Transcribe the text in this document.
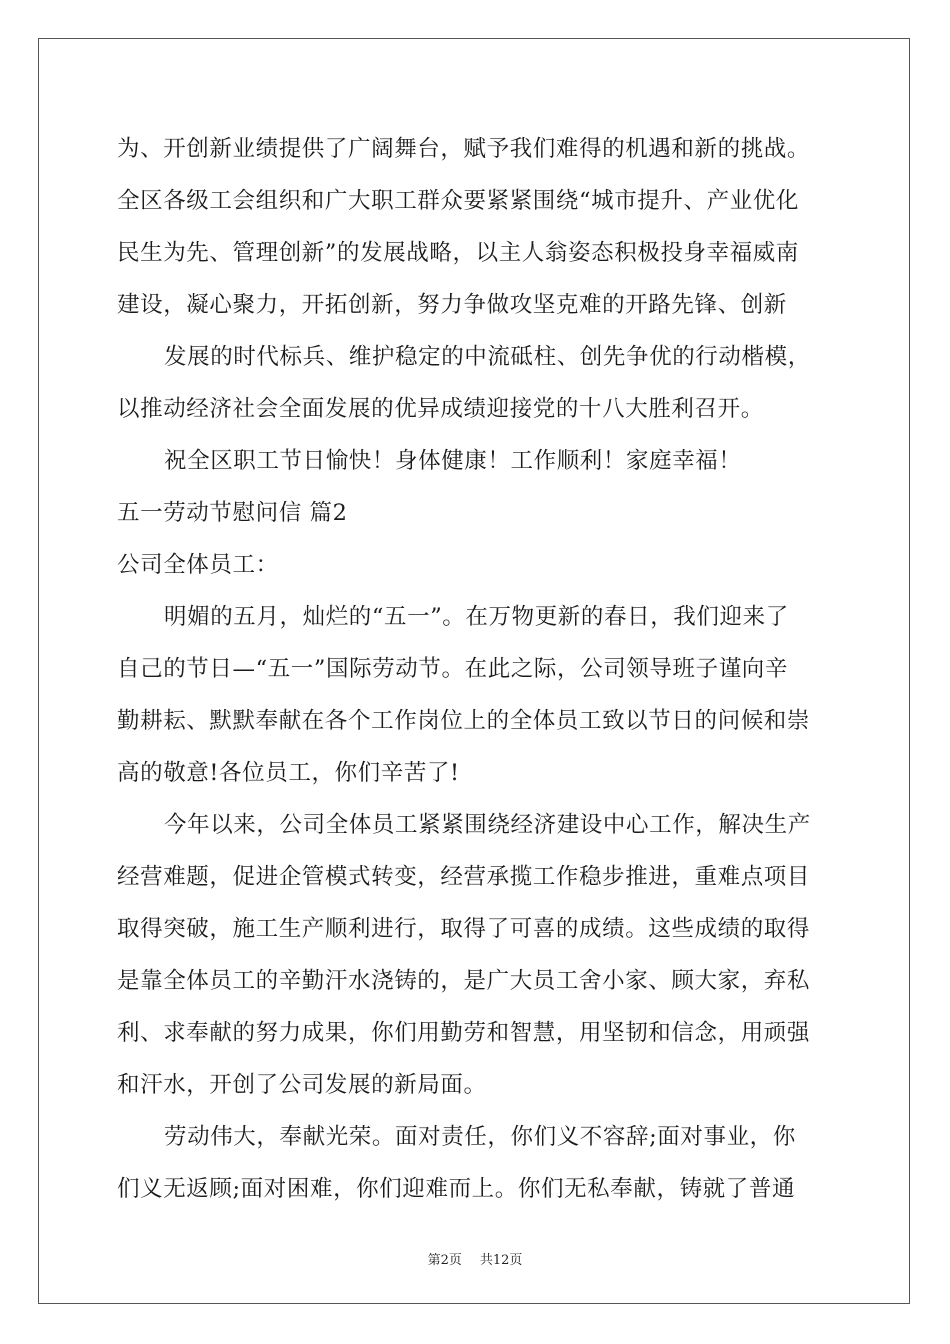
为、开创新业绩提供了广阔舞台，赋予我们难得的机遇和新的挑战。
全区各级工会组织和广大职工群众要紧紧围绕“城市提升、产业优化
民生为先、管理创新”的发展战略，以主人翁姿态积极投身幸福威南
建设，凝心聚力，开拓创新，努力争做攻坚克难的开路先锋、创新
发展的时代标兵、维护稳定的中流砥柱、创先争优的行动楷模，
以推动经济社会全面发展的优异成绩迎接党的十八大胜利召开。
祝全区职工节日愉快！身体健康！工作顺利！家庭幸福！
五一劳动节慰问信 篇2
公司全体员工：
明媚的五月，灿烂的“五一”。在万物更新的春日，我们迎来了
自己的节日—“五一”国际劳动节。在此之际，公司领导班子谨向辛
勤耕耘、默默奉献在各个工作岗位上的全体员工致以节日的问候和崇
高的敬意!各位员工，你们辛苦了!
今年以来，公司全体员工紧紧围绕经济建设中心工作，解决生产
经营难题，促进企管模式转变，经营承揽工作稳步推进，重难点项目
取得突破，施工生产顺利进行，取得了可喜的成绩。这些成绩的取得
是靠全体员工的辛勤汗水浇铸的，是广大员工舍小家、顾大家，弃私
利、求奉献的努力成果，你们用勤劳和智慧，用坚韧和信念，用顽强
和汗水，开创了公司发展的新局面。
劳动伟大，奉献光荣。面对责任，你们义不容辞;面对事业，你
们义无返顾;面对困难，你们迎难而上。你们无私奉献，铸就了普通
第2页 共12页
